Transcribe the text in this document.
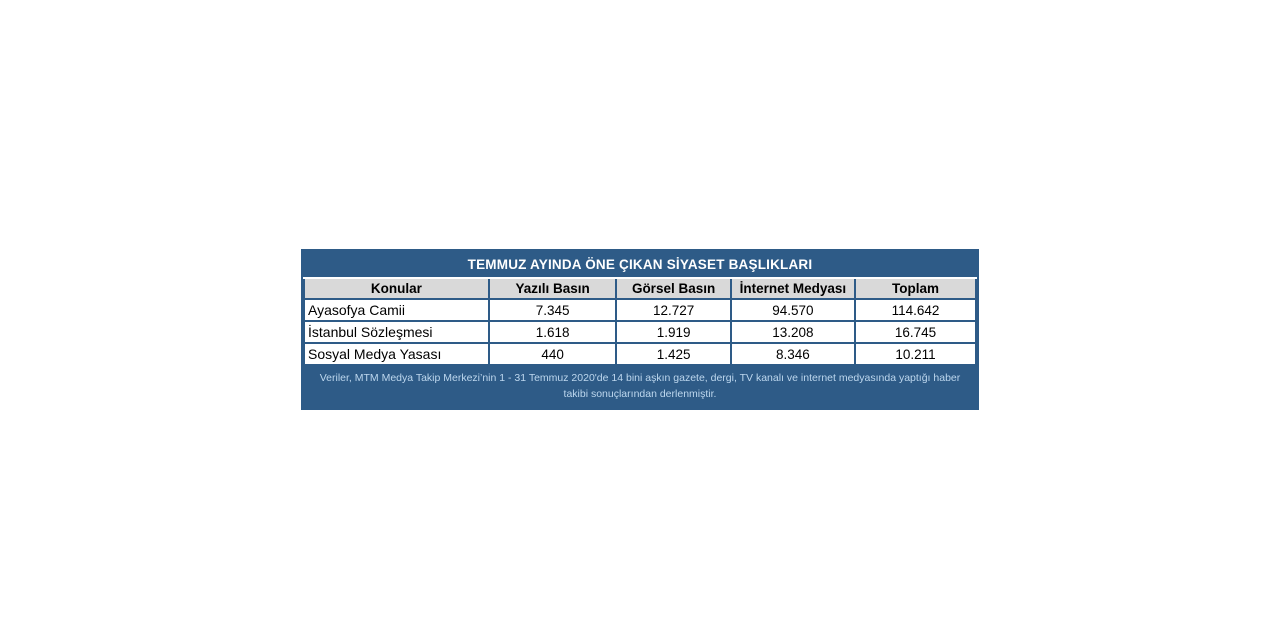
TEMMUZ AYINDA ÖNE ÇIKAN SİYASET BAŞLIKLARI
Konular	Yazılı Basın	Görsel Basın	İnternet Medyası	Toplam
Ayasofya Camii	7.345	12.727	94.570	114.642
İstanbul Sözleşmesi	1.618	1.919	13.208	16.745
Sosyal Medya Yasası	440	1.425	8.346	10.211
Veriler, MTM Medya Takip Merkezi’nin 1 - 31 Temmuz 2020'de 14 bini aşkın gazete, dergi, TV kanalı ve internet medyasında yaptığı haber takibi sonuçlarından derlenmiştir.
